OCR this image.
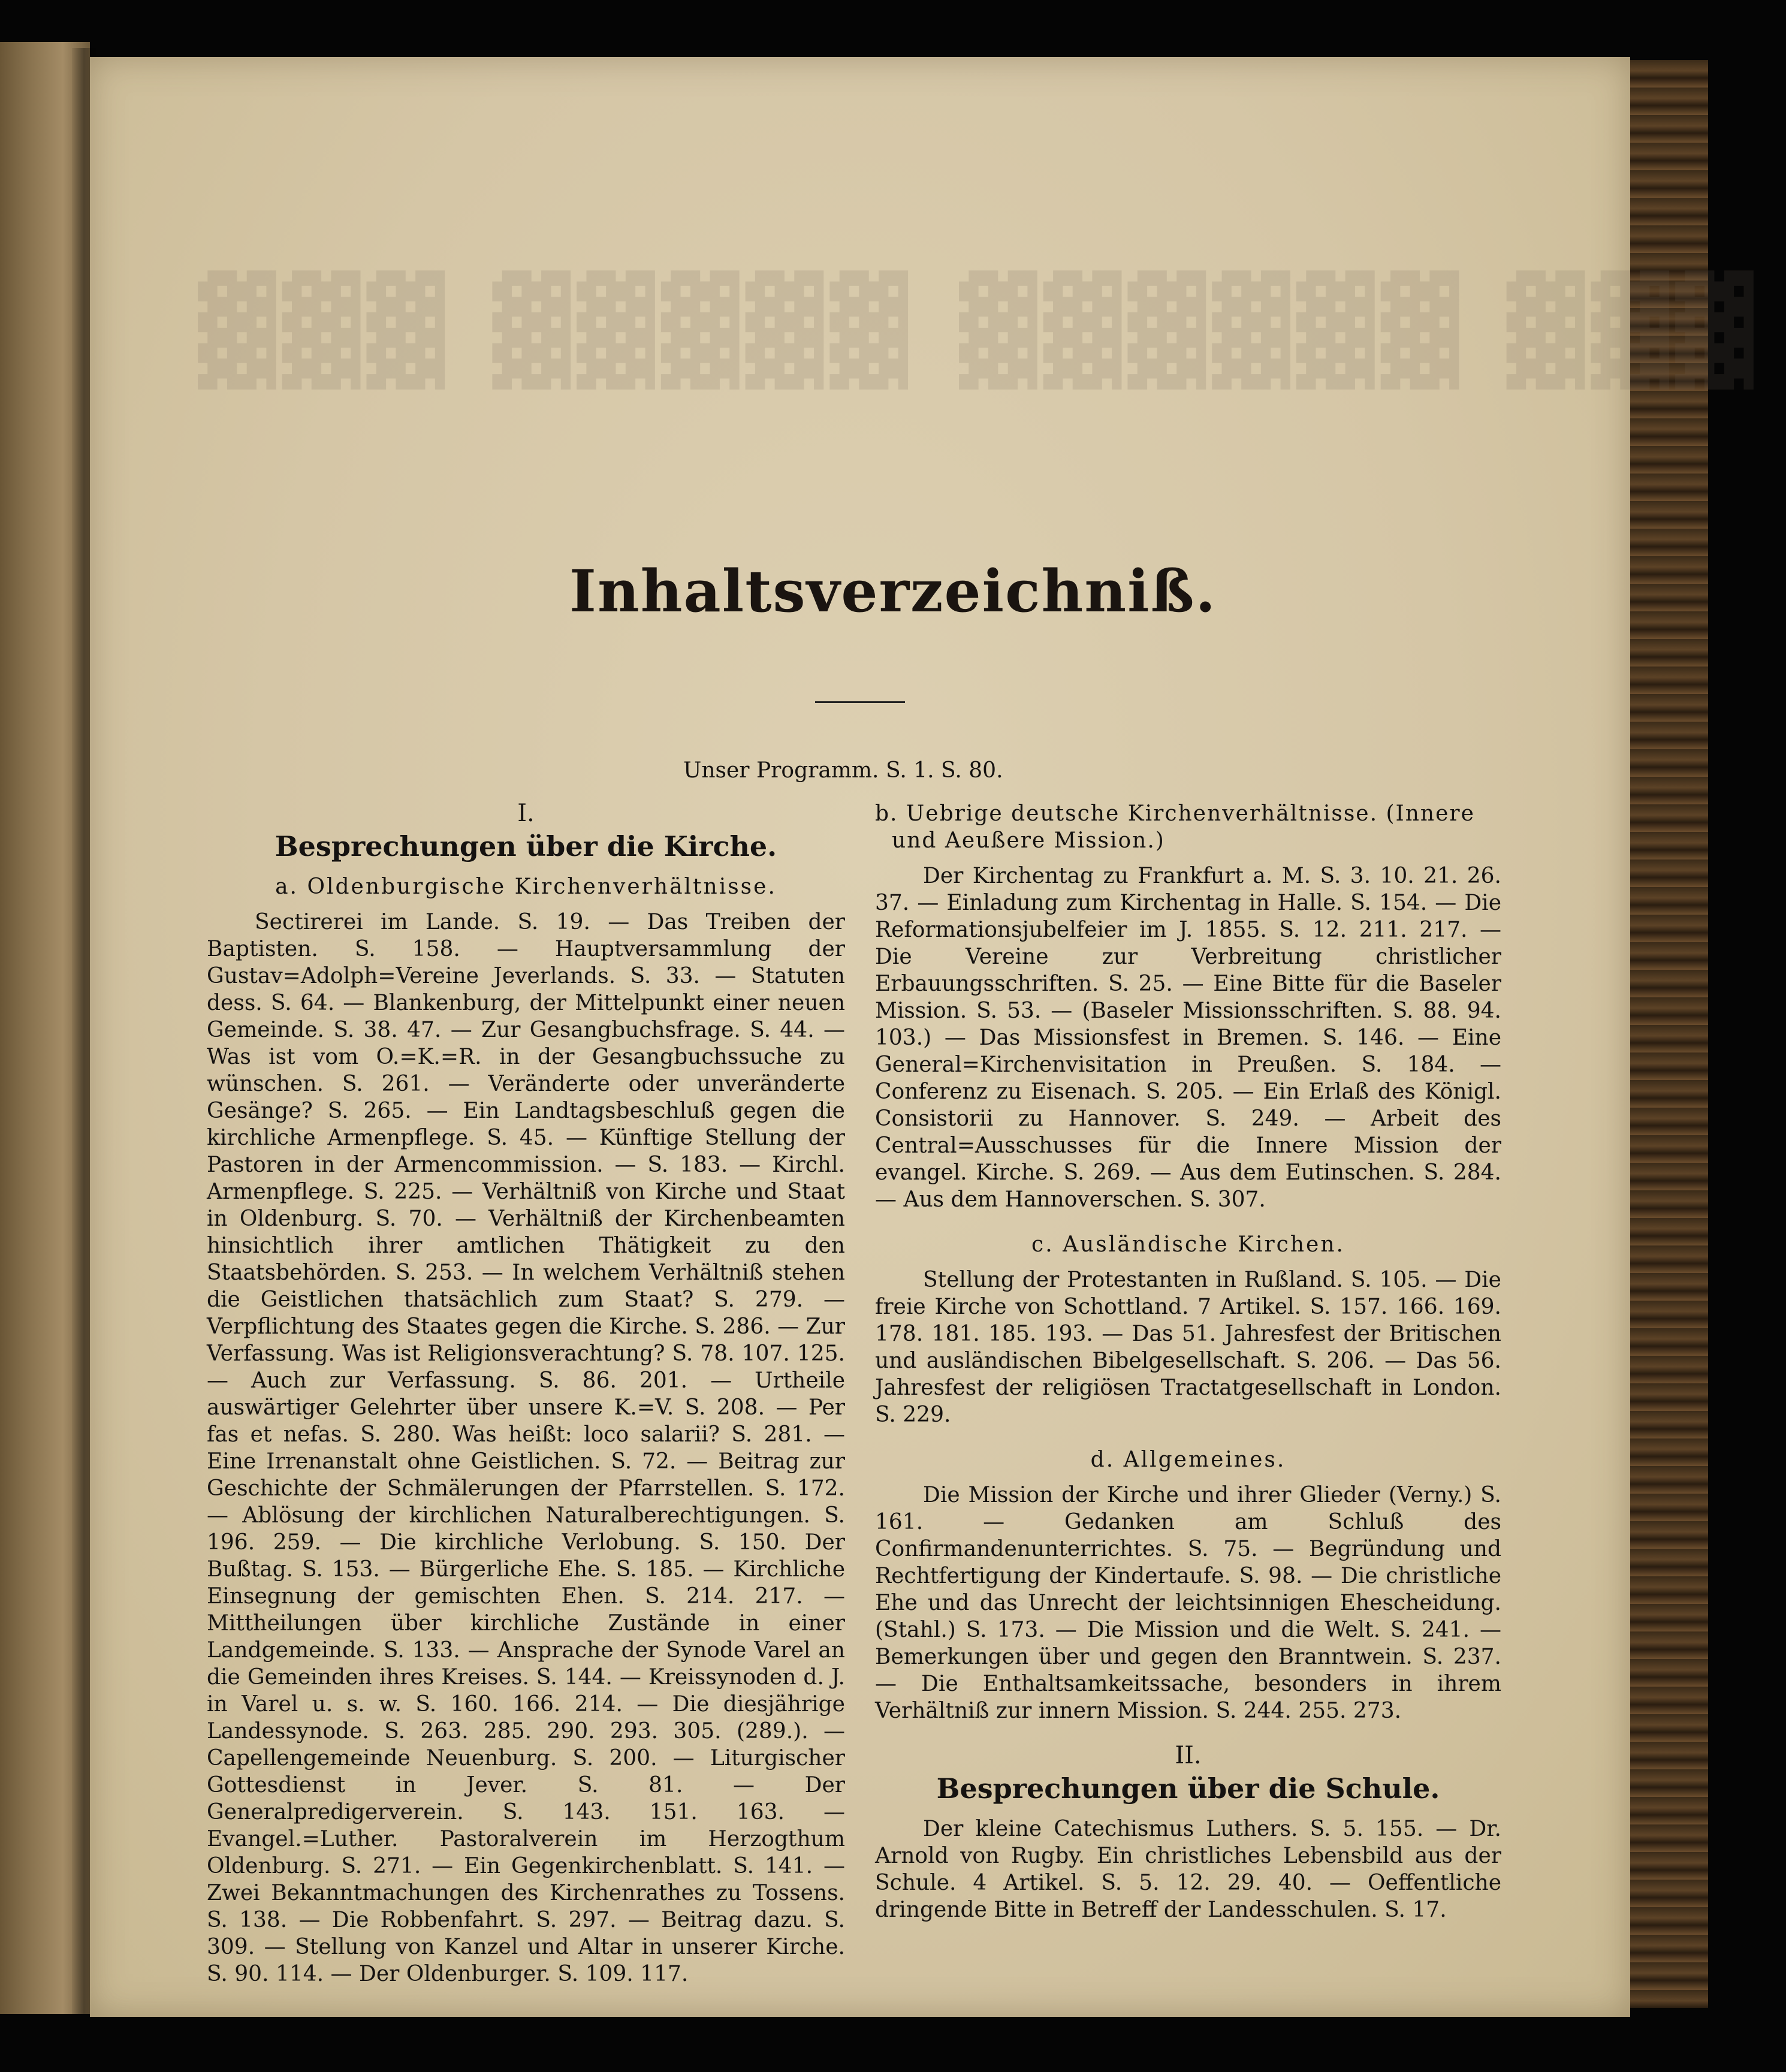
▓▓▓ ▓▓▓▓▓ ▓▓▓▓▓▓ ▓▓▓
Inhaltsverzeichniß.
Unser Programm. S. 1. S. 80.
I.
Besprechungen über die Kirche.
a. Oldenburgische Kirchenverhältnisse.
Sectirerei im Lande. S. 19. — Das Treiben der Baptisten. S. 158. — Hauptversammlung der Gustav=Adolph=Vereine Jeverlands. S. 33. — Statuten dess. S. 64. — Blankenburg, der Mittelpunkt einer neuen Gemeinde. S. 38. 47. — Zur Gesangbuchsfrage. S. 44. — Was ist vom O.=K.=R. in der Gesangbuchssuche zu wünschen. S. 261. — Veränderte oder unveränderte Gesänge? S. 265. — Ein Landtagsbeschluß gegen die kirchliche Armenpflege. S. 45. — Künftige Stellung der Pastoren in der Armencommission. — S. 183. — Kirchl. Armenpflege. S. 225. — Verhältniß von Kirche und Staat in Oldenburg. S. 70. — Verhältniß der Kirchenbeamten hinsichtlich ihrer amtlichen Thätigkeit zu den Staatsbehörden. S. 253. — In welchem Verhältniß stehen die Geistlichen thatsächlich zum Staat? S. 279. — Verpflichtung des Staates gegen die Kirche. S. 286. — Zur Verfassung. Was ist Religionsverachtung? S. 78. 107. 125. — Auch zur Verfassung. S. 86. 201. — Urtheile auswärtiger Gelehrter über unsere K.=V. S. 208. — Per fas et nefas. S. 280. Was heißt: loco salarii? S. 281. — Eine Irrenanstalt ohne Geistlichen. S. 72. — Beitrag zur Geschichte der Schmälerungen der Pfarrstellen. S. 172. — Ablösung der kirchlichen Naturalberechtigungen. S. 196. 259. — Die kirchliche Verlobung. S. 150. Der Bußtag. S. 153. — Bürgerliche Ehe. S. 185. — Kirchliche Einsegnung der gemischten Ehen. S. 214. 217. — Mittheilungen über kirchliche Zustände in einer Landgemeinde. S. 133. — Ansprache der Synode Varel an die Gemeinden ihres Kreises. S. 144. — Kreissynoden d. J. in Varel u. s. w. S. 160. 166. 214. — Die diesjährige Landessynode. S. 263. 285. 290. 293. 305. (289.). — Capellengemeinde Neuenburg. S. 200. — Liturgischer Gottesdienst in Jever. S. 81. — Der Generalpredigerverein. S. 143. 151. 163. — Evangel.=Luther. Pastoralverein im Herzogthum Oldenburg. S. 271. — Ein Gegenkirchenblatt. S. 141. — Zwei Bekanntmachungen des Kirchenrathes zu Tossens. S. 138. — Die Robbenfahrt. S. 297. — Beitrag dazu. S. 309. — Stellung von Kanzel und Altar in unserer Kirche. S. 90. 114. — Der Oldenburger. S. 109. 117.
b. Uebrige deutsche Kirchenverhältnisse. (Innere und Aeußere Mission.)
Der Kirchentag zu Frankfurt a. M. S. 3. 10. 21. 26. 37. — Einladung zum Kirchentag in Halle. S. 154. — Die Reformationsjubelfeier im J. 1855. S. 12. 211. 217. — Die Vereine zur Verbreitung christlicher Erbauungsschriften. S. 25. — Eine Bitte für die Baseler Mission. S. 53. — (Baseler Missionsschriften. S. 88. 94. 103.) — Das Missionsfest in Bremen. S. 146. — Eine General=Kirchenvisitation in Preußen. S. 184. — Conferenz zu Eisenach. S. 205. — Ein Erlaß des Königl. Consistorii zu Hannover. S. 249. — Arbeit des Central=Ausschusses für die Innere Mission der evangel. Kirche. S. 269. — Aus dem Eutinschen. S. 284. — Aus dem Hannoverschen. S. 307.
c. Ausländische Kirchen.
Stellung der Protestanten in Rußland. S. 105. — Die freie Kirche von Schottland. 7 Artikel. S. 157. 166. 169. 178. 181. 185. 193. — Das 51. Jahresfest der Britischen und ausländischen Bibelgesellschaft. S. 206. — Das 56. Jahresfest der religiösen Tractatgesellschaft in London. S. 229.
d. Allgemeines.
Die Mission der Kirche und ihrer Glieder (Verny.) S. 161. — Gedanken am Schluß des Confirmandenunterrichtes. S. 75. — Begründung und Rechtfertigung der Kindertaufe. S. 98. — Die christliche Ehe und das Unrecht der leichtsinnigen Ehescheidung. (Stahl.) S. 173. — Die Mission und die Welt. S. 241. — Bemerkungen über und gegen den Branntwein. S. 237. — Die Enthaltsamkeitssache, besonders in ihrem Verhältniß zur innern Mission. S. 244. 255. 273.
II.
Besprechungen über die Schule.
Der kleine Catechismus Luthers. S. 5. 155. — Dr. Arnold von Rugby. Ein christliches Lebensbild aus der Schule. 4 Artikel. S. 5. 12. 29. 40. — Oeffentliche dringende Bitte in Betreff der Landesschulen. S. 17.
